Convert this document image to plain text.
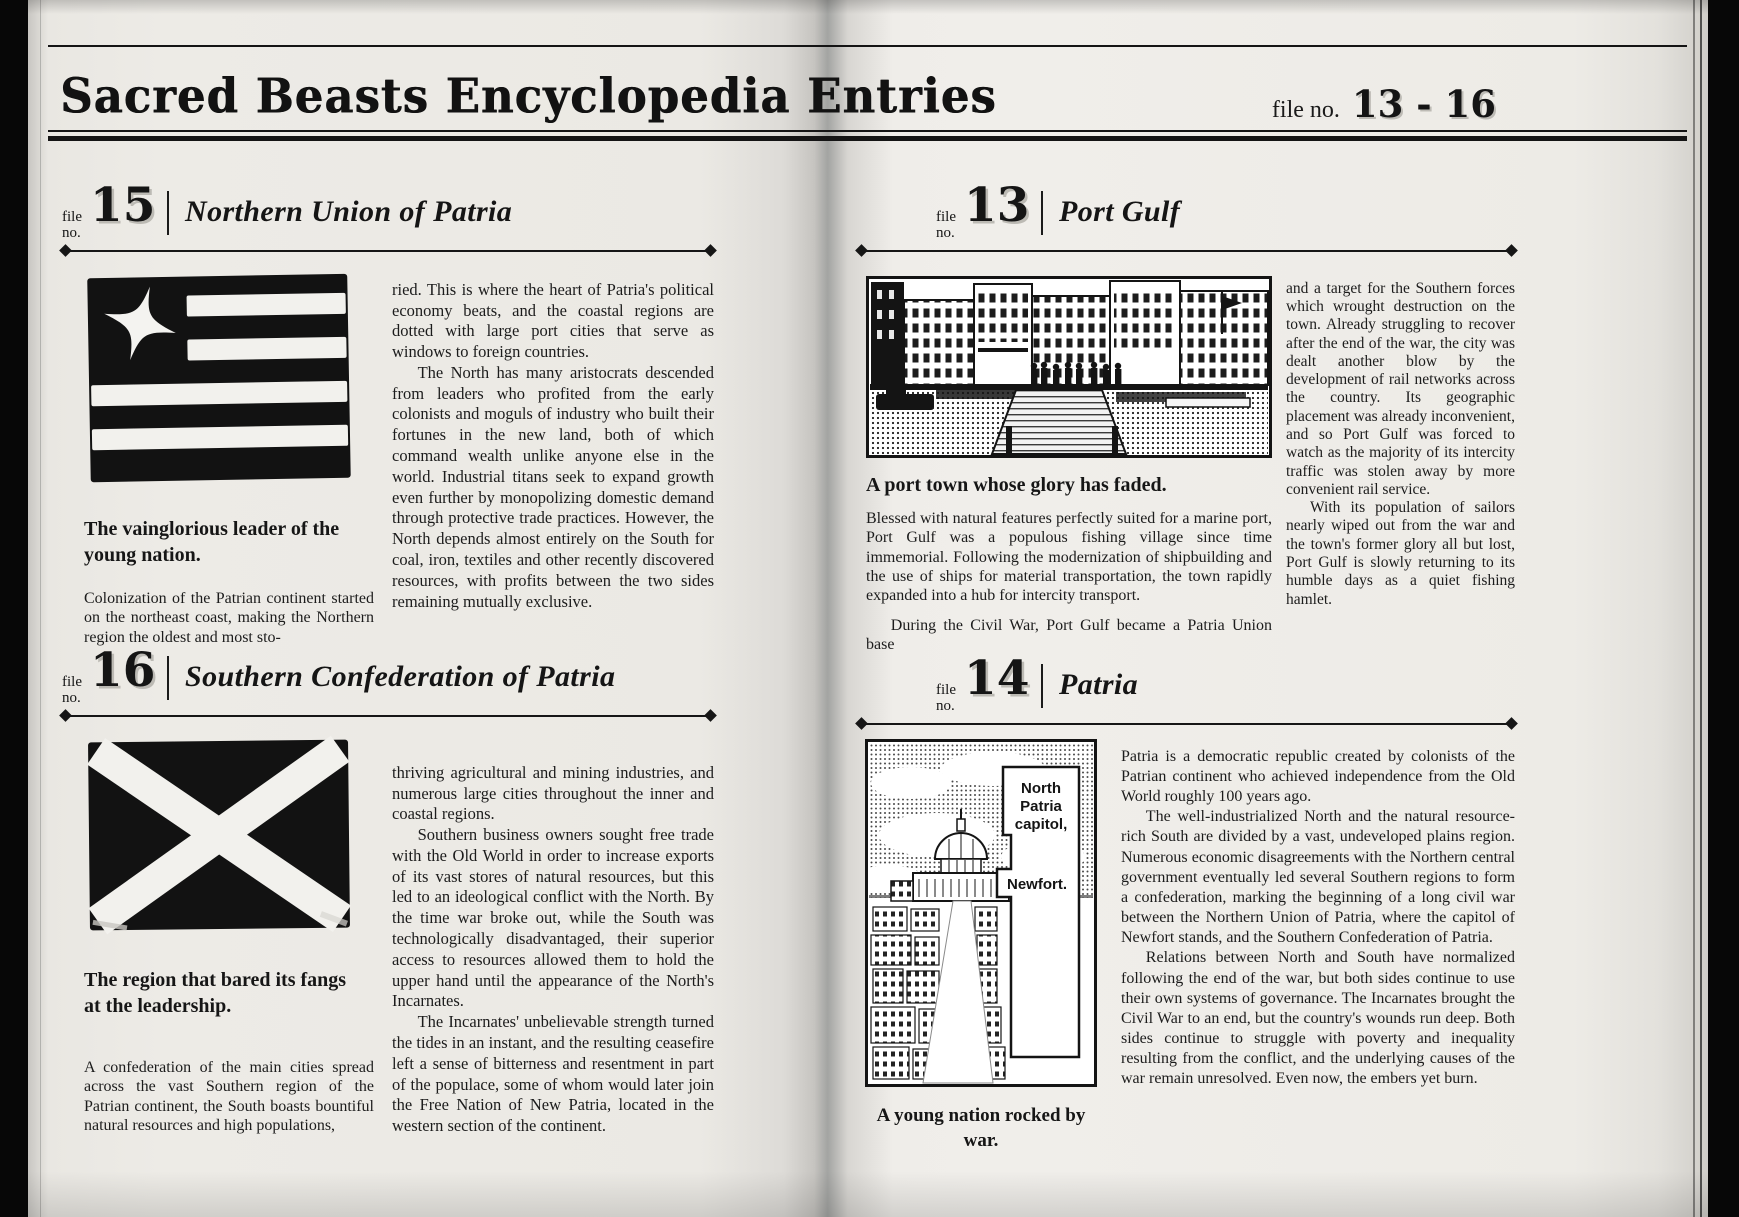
Sacred Beasts Encyclopedia Entries	file no. 13 - 16
file
no. 15 Northern Union of Patria

The vainglorious leader of the young nation.

Colonization of the Patrian continent started on the northeast coast, making the Northern region the oldest and most sto-

ried. This is where the heart of Patria's political economy beats, and the coastal regions are dotted with large port cities that serve as windows to foreign countries.

The North has many aristocrats descended from leaders who profited from the early colonists and moguls of industry who built their fortunes in the new land, both of which command wealth unlike anyone else in the world. Industrial titans seek to expand growth even further by monopolizing domestic demand through protective trade practices. However, the North depends almost entirely on the South for coal, iron, textiles and other recently discovered resources, with profits between the two sides remaining mutually exclusive.

file
no. 16 Southern Confederation of Patria

The region that bared its fangs at the leadership.

A confederation of the main cities spread across the vast Southern region of the Patrian continent, the South boasts bountiful natural resources and high populations,

thriving agricultural and mining industries, and numerous large cities throughout the inner and coastal regions.

Southern business owners sought free trade with the Old World in order to increase exports of its vast stores of natural resources, but this led to an ideological conflict with the North. By the time war broke out, while the South was technologically disadvantaged, their superior access to resources allowed them to hold the upper hand until the appearance of the North's Incarnates.

The Incarnates' unbelievable strength turned the tides in an instant, and the resulting ceasefire left a sense of bitterness and resentment in part of the populace, some of whom would later join the Free Nation of New Patria, located in the western section of the continent.

file
no. 13 Port Gulf

A port town whose glory has faded.

Blessed with natural features perfectly suited for a marine port, Port Gulf was a populous fishing village since time immemorial. Following the modernization of shipbuilding and the use of ships for material transportation, the town rapidly expanded into a hub for intercity transport.

During the Civil War, Port Gulf became a Patria Union base

and a target for the Southern forces which wrought destruction on the town. Already struggling to recover after the end of the war, the city was dealt another blow by the development of rail networks across the country. Its geographic placement was already inconvenient, and so Port Gulf was forced to watch as the majority of its intercity traffic was stolen away by more convenient rail service.

With its population of sailors nearly wiped out from the war and the town's former glory all but lost, Port Gulf is slowly returning to its humble days as a quiet fishing hamlet.

file
no. 14 Patria
North
Patria
capitol,
Newfort.

A young nation rocked by war.

Patria is a democratic republic created by colonists of the Patrian continent who achieved independence from the Old World roughly 100 years ago.

The well-industrialized North and the natural resource-rich South are divided by a vast, undeveloped plains region. Numerous economic disagreements with the Northern central government eventually led several Southern regions to form a confederation, marking the beginning of a long civil war between the Northern Union of Patria, where the capitol of Newfort stands, and the Southern Confederation of Patria.

Relations between North and South have normalized following the end of the war, but both sides continue to use their own systems of governance. The Incarnates brought the Civil War to an end, but the country's wounds run deep. Both sides continue to struggle with poverty and inequality resulting from the conflict, and the underlying causes of the war remain unresolved. Even now, the embers yet burn.
